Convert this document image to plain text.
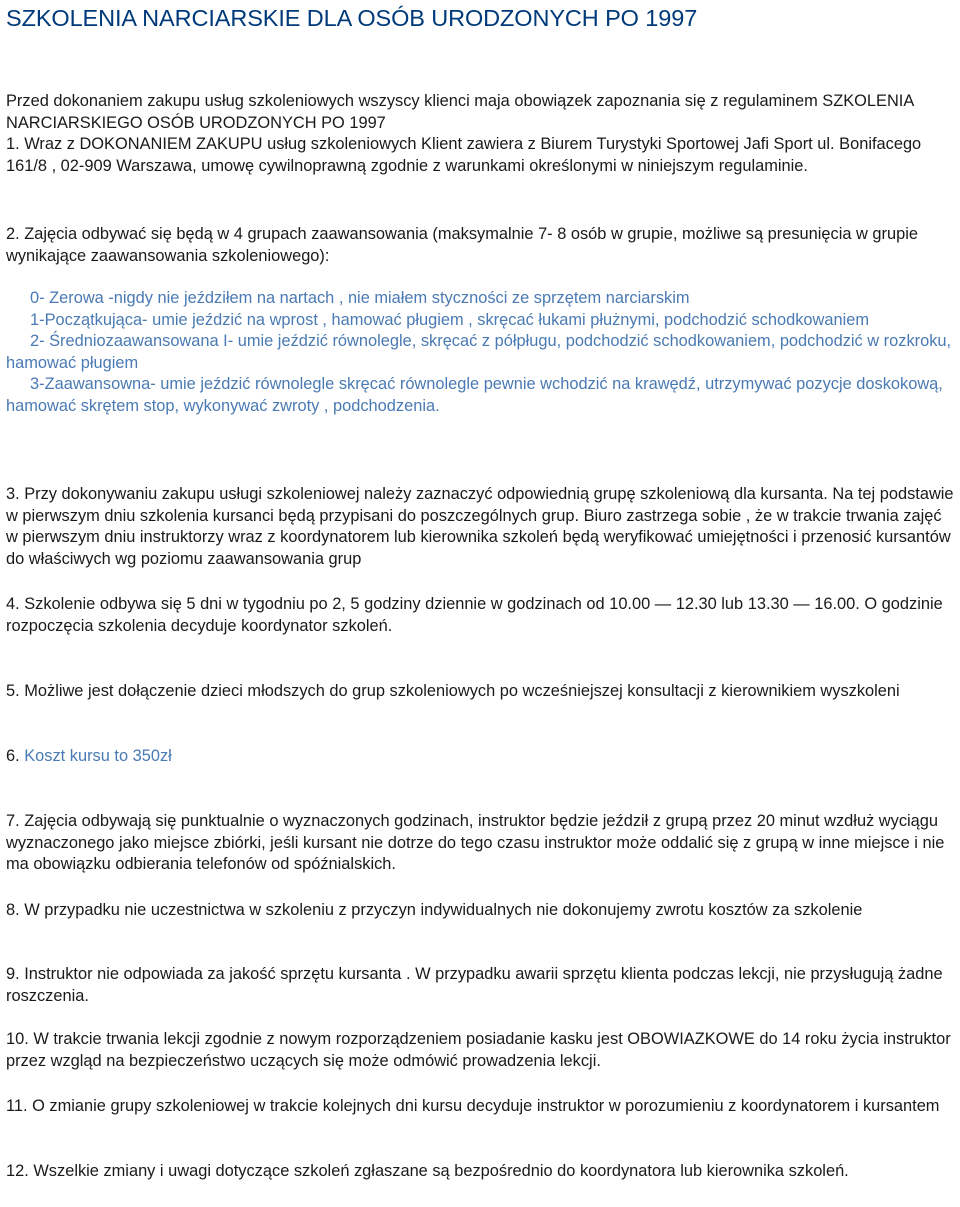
SZKOLENIA NARCIARSKIE DLA OSÓB URODZONYCH PO 1997

Przed dokonaniem zakupu usług szkoleniowych wszyscy klienci maja obowiązek zapoznania się z regulaminem SZKOLENIA NARCIARSKIEGO OSÓB URODZONYCH PO 1997

1. Wraz z DOKONANIEM ZAKUPU usług szkoleniowych Klient zawiera z Biurem Turystyki Sportowej Jafi Sport ul. Bonifacego 161/8 , 02-909 Warszawa, umowę cywilnoprawną zgodnie z warunkami określonymi w niniejszym regulaminie.

2. Zajęcia odbywać się będą w 4 grupach zaawansowania (maksymalnie 7- 8 osób w grupie, możliwe są presunięcia w grupie wynikające zaawansowania szkoleniowego):

0- Zerowa -nigdy nie jeździłem na nartach , nie miałem styczności ze sprzętem narciarskim
1-Początkująca- umie jeździć na wprost , hamować pługiem , skręcać łukami płużnymi, podchodzić schodkowaniem
2- Średniozaawansowana I- umie jeździć równolegle, skręcać z półpługu, podchodzić schodkowaniem, podchodzić w rozkroku, hamować pługiem
3-Zaawansowna- umie jeździć równolegle skręcać równolegle pewnie wchodzić na krawędź, utrzymywać pozycje doskokową, hamować skrętem stop, wykonywać zwroty , podchodzenia.

3. Przy dokonywaniu zakupu usługi szkoleniowej należy zaznaczyć odpowiednią grupę szkoleniową dla kursanta. Na tej podstawie w pierwszym dniu szkolenia kursanci będą przypisani do poszczególnych grup. Biuro zastrzega sobie , że w trakcie trwania zajęć w pierwszym dniu instruktorzy wraz z koordynatorem lub kierownika szkoleń będą weryfikować umiejętności i przenosić kursantów do właściwych wg poziomu zaawansowania grup

4. Szkolenie odbywa się 5 dni w tygodniu po 2, 5 godziny dziennie w godzinach od 10.00 — 12.30 lub 13.30 — 16.00. O godzinie rozpoczęcia szkolenia decyduje koordynator szkoleń.

5. Możliwe jest dołączenie dzieci młodszych do grup szkoleniowych po wcześniejszej konsultacji z kierownikiem wyszkoleni

6. Koszt kursu to 350zł

7. Zajęcia odbywają się punktualnie o wyznaczonych godzinach, instruktor będzie jeździł z grupą przez 20 minut wzdłuż wyciągu wyznaczonego jako miejsce zbiórki, jeśli kursant nie dotrze do tego czasu instruktor może oddalić się z grupą w inne miejsce i nie ma obowiązku odbierania telefonów od spóźnialskich.

8. W przypadku nie uczestnictwa w szkoleniu z przyczyn indywidualnych nie dokonujemy zwrotu kosztów za szkolenie

9. Instruktor nie odpowiada za jakość sprzętu kursanta . W przypadku awarii sprzętu klienta podczas lekcji, nie przysługują żadne roszczenia.

10. W trakcie trwania lekcji zgodnie z nowym rozporządzeniem posiadanie kasku jest OBOWIAZKOWE do 14 roku życia instruktor przez wzgląd na bezpieczeństwo uczących się może odmówić prowadzenia lekcji.

11. O zmianie grupy szkoleniowej w trakcie kolejnych dni kursu decyduje instruktor w porozumieniu z koordynatorem i kursantem

12. Wszelkie zmiany i uwagi dotyczące szkoleń zgłaszane są bezpośrednio do koordynatora lub kierownika szkoleń.
